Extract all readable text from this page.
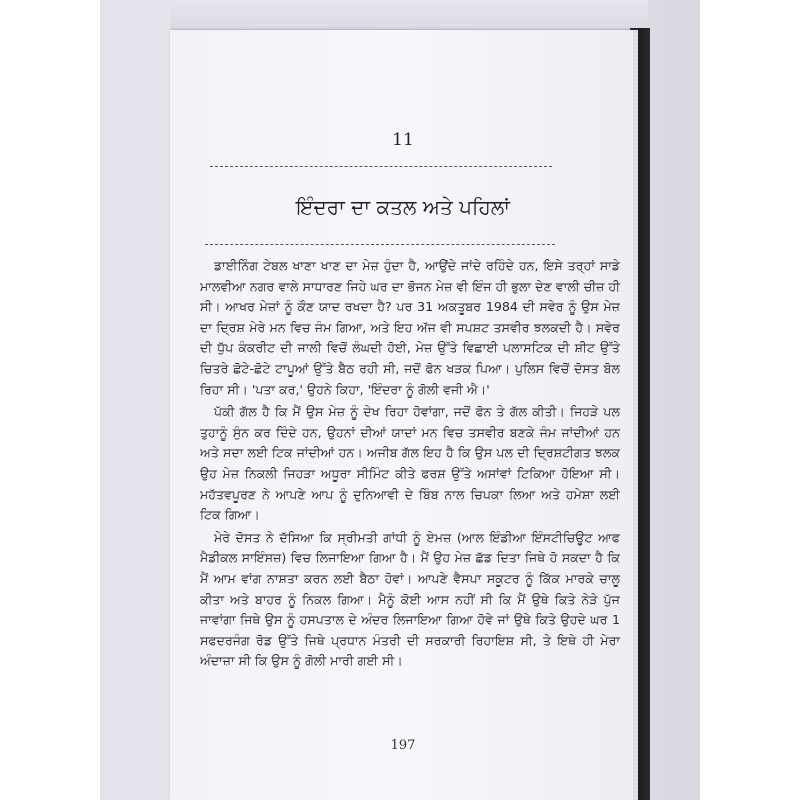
11
ਇੰਦਰਾ ਦਾ ਕਤਲ ਅਤੇ ਪਹਿਲਾਂ

ਡਾਈਨਿੰਗ ਟੇਬਲ ਖਾਣਾ ਖਾਣ ਦਾ ਮੇਜ਼ ਹੁੰਦਾ ਹੈ, ਆਉਂਦੇ ਜਾਂਦੇ ਰਹਿੰਦੇ ਹਨ, ਇਸੇ ਤਰ੍ਹਾਂ ਸਾਡੇ ਮਾਲਵੀਆ ਨਗਰ ਵਾਲੇ ਸਾਧਾਰਣ ਜਿਹੇ ਘਰ ਦਾ ਭੋਜਨ ਮੇਜ਼ ਵੀ ਇੰਜ ਹੀ ਭੁਲਾ ਦੇਣ ਵਾਲੀ ਚੀਜ਼ ਹੀ ਸੀ। ਆਖਰ ਮੇਜ਼ਾਂ ਨੂੰ ਕੌਣ ਯਾਦ ਰਖਦਾ ਹੈ? ਪਰ 31 ਅਕਤੂਬਰ 1984 ਦੀ ਸਵੇਰ ਨੂੰ ਉਸ ਮੇਜ਼ ਦਾ ਦ੍ਰਿਸ਼ ਮੇਰੇ ਮਨ ਵਿਚ ਜੰਮ ਗਿਆ, ਅਤੇ ਇਹ ਅੱਜ ਵੀ ਸਪਸ਼ਟ ਤਸਵੀਰ ਝਲਕਦੀ ਹੈ। ਸਵੇਰ ਦੀ ਧੁੱਪ ਕੰਕਰੀਟ ਦੀ ਜਾਲੀ ਵਿਚੋਂ ਲੰਘਦੀ ਹੋਈ, ਮੇਜ਼ ਉੱਤੇ ਵਿਛਾਈ ਪਲਾਸਟਿਕ ਦੀ ਸ਼ੀਟ ਉੱਤੇ ਚਿਤਰੇ ਛੋਟੇ-ਛੋਟੇ ਟਾਪੂਆਂ ਉੱਤੇ ਬੈਠ ਰਹੀ ਸੀ, ਜਦੋਂ ਫੋਨ ਖੜਕ ਪਿਆ। ਪੁਲਿਸ ਵਿਚੋਂ ਦੋਸਤ ਬੋਲ ਰਿਹਾ ਸੀ। 'ਪਤਾ ਕਰ,' ਉਹਨੇ ਕਿਹਾ, 'ਇੰਦਰਾ ਨੂੰ ਗੋਲੀ ਵਜੀ ਐ।'

ਪੱਕੀ ਗੱਲ ਹੈ ਕਿ ਮੈਂ ਉਸ ਮੇਜ਼ ਨੂੰ ਦੇਖ ਰਿਹਾ ਹੋਵਾਂਗਾ, ਜਦੋਂ ਫੋਨ ਤੇ ਗੱਲ ਕੀਤੀ। ਜਿਹੜੇ ਪਲ ਤੁਹਾਨੂੰ ਸੁੰਨ ਕਰ ਦਿੰਦੇ ਹਨ, ਉਹਨਾਂ ਦੀਆਂ ਯਾਦਾਂ ਮਨ ਵਿਚ ਤਸਵੀਰ ਬਣਕੇ ਜੰਮ ਜਾਂਦੀਆਂ ਹਨ ਅਤੇ ਸਦਾ ਲਈ ਟਿਕ ਜਾਂਦੀਆਂ ਹਨ। ਅਜੀਬ ਗੱਲ ਇਹ ਹੈ ਕਿ ਉਸ ਪਲ ਦੀ ਦ੍ਰਿਸ਼ਟੀਗਤ ਝਲਕ ਉਹ ਮੇਜ਼ ਨਿਕਲੀ ਜਿਹੜਾ ਅਧੂਰਾ ਸੀਮਿੰਟ ਕੀਤੇ ਫਰਸ਼ ਉੱਤੇ ਅਸਾਂਵਾਂ ਟਿਕਿਆ ਹੋਇਆ ਸੀ। ਮਹੱਤਵਪੂਰਣ ਨੇ ਆਪਣੇ ਆਪ ਨੂੰ ਦੁਨਿਆਵੀ ਦੇ ਬਿੰਬ ਨਾਲ ਚਿਪਕਾ ਲਿਆ ਅਤੇ ਹਮੇਸ਼ਾ ਲਈ ਟਿਕ ਗਿਆ।

ਮੇਰੇ ਦੋਸਤ ਨੇ ਦੱਸਿਆ ਕਿ ਸ੍ਰੀਮਤੀ ਗਾਂਧੀ ਨੂੰ ਏਮਜ਼ (ਆਲ ਇੰਡੀਆ ਇੰਸਟੀਚਿਊਟ ਆਫ ਮੈਡੀਕਲ ਸਾਇੰਸਜ਼) ਵਿਚ ਲਿਜਾਇਆ ਗਿਆ ਹੈ। ਮੈਂ ਉਹ ਮੇਜ਼ ਛੱਡ ਦਿਤਾ ਜਿਥੇ ਹੋ ਸਕਦਾ ਹੈ ਕਿ ਮੈਂ ਆਮ ਵਾਂਗ ਨਾਸ਼ਤਾ ਕਰਨ ਲਈ ਬੈਠਾ ਹੋਵਾਂ। ਆਪਣੇ ਵੈਸਪਾ ਸਕੂਟਰ ਨੂੰ ਕਿੱਕ ਮਾਰਕੇ ਚਾਲੂ ਕੀਤਾ ਅਤੇ ਬਾਹਰ ਨੂੰ ਨਿਕਲ ਗਿਆ। ਮੈਨੂੰ ਕੋਈ ਆਸ ਨਹੀਂ ਸੀ ਕਿ ਮੈਂ ਉਥੇ ਕਿਤੇ ਨੇੜੇ ਪੁੱਜ ਜਾਵਾਂਗਾ ਜਿਥੇ ਉਸ ਨੂੰ ਹਸਪਤਾਲ ਦੇ ਅੰਦਰ ਲਿਜਾਇਆ ਗਿਆ ਹੋਵੇ ਜਾਂ ਉਥੇ ਕਿਤੇ ਉਹਦੇ ਘਰ 1 ਸਫਦਰਜੰਗ ਰੋਡ ਉੱਤੇ ਜਿਥੇ ਪ੍ਰਧਾਨ ਮੰਤਰੀ ਦੀ ਸਰਕਾਰੀ ਰਿਹਾਇਸ਼ ਸੀ, ਤੇ ਇਥੇ ਹੀ ਮੇਰਾ ਅੰਦਾਜ਼ਾ ਸੀ ਕਿ ਉਸ ਨੂੰ ਗੋਲੀ ਮਾਰੀ ਗਈ ਸੀ।

197
